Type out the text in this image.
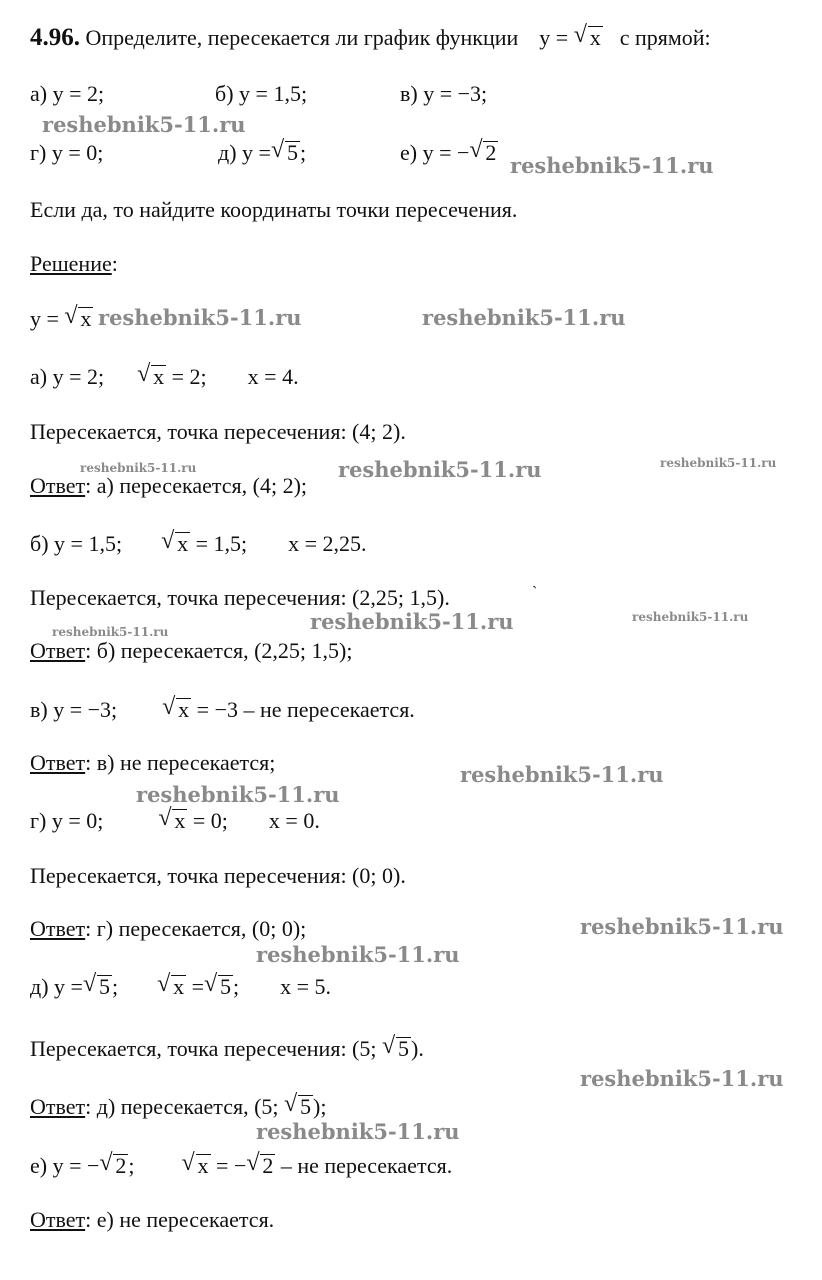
4.96. Определите, пересекается ли график функции y = √ x с прямой:
а) y = 2;	б) y = 1,5;	в) y = −3;
г) y = 0;	д) y = √ 5;	е) y = − √ 2
Если да, то найдите координаты точки пересечения.
Решение:
y = √ x
а) y = 2; √ x = 2; x = 4.
Пересекается, точка пересечения: (4; 2).
Ответ: а) пересекается, (4; 2);
б) y = 1,5;	√ x = 1,5; x = 2,25.
Пересекается, точка пересечения: (2,25; 1,5).	`
Ответ: б) пересекается, (2,25; 1,5);
в) y = −3;	√ x = −3 – не пересекается.
Ответ: в) не пересекается;
г) y = 0;	√ x = 0; x = 0.
Пересекается, точка пересечения: (0; 0).
Ответ: г) пересекается, (0; 0);
д) y = √ 5;	√ x = √ 5; x = 5.
Пересекается, точка пересечения: (5; √ 5).
Ответ: д) пересекается, (5; √ 5);
е) y = − √ 2;	√ x = − √ 2 – не пересекается.
Ответ: е) не пересекается.
reshebnik5-11.ru
reshebnik5-11.ru
reshebnik5-11.ru	reshebnik5-11.ru
reshebnik5-11.ru	reshebnik5-11.ru	reshebnik5-11.ru
reshebnik5-11.ru	reshebnik5-11.ru
reshebnik5-11.ru
reshebnik5-11.ru
reshebnik5-11.ru
reshebnik5-11.ru
reshebnik5-11.ru
reshebnik5-11.ru
reshebnik5-11.ru
